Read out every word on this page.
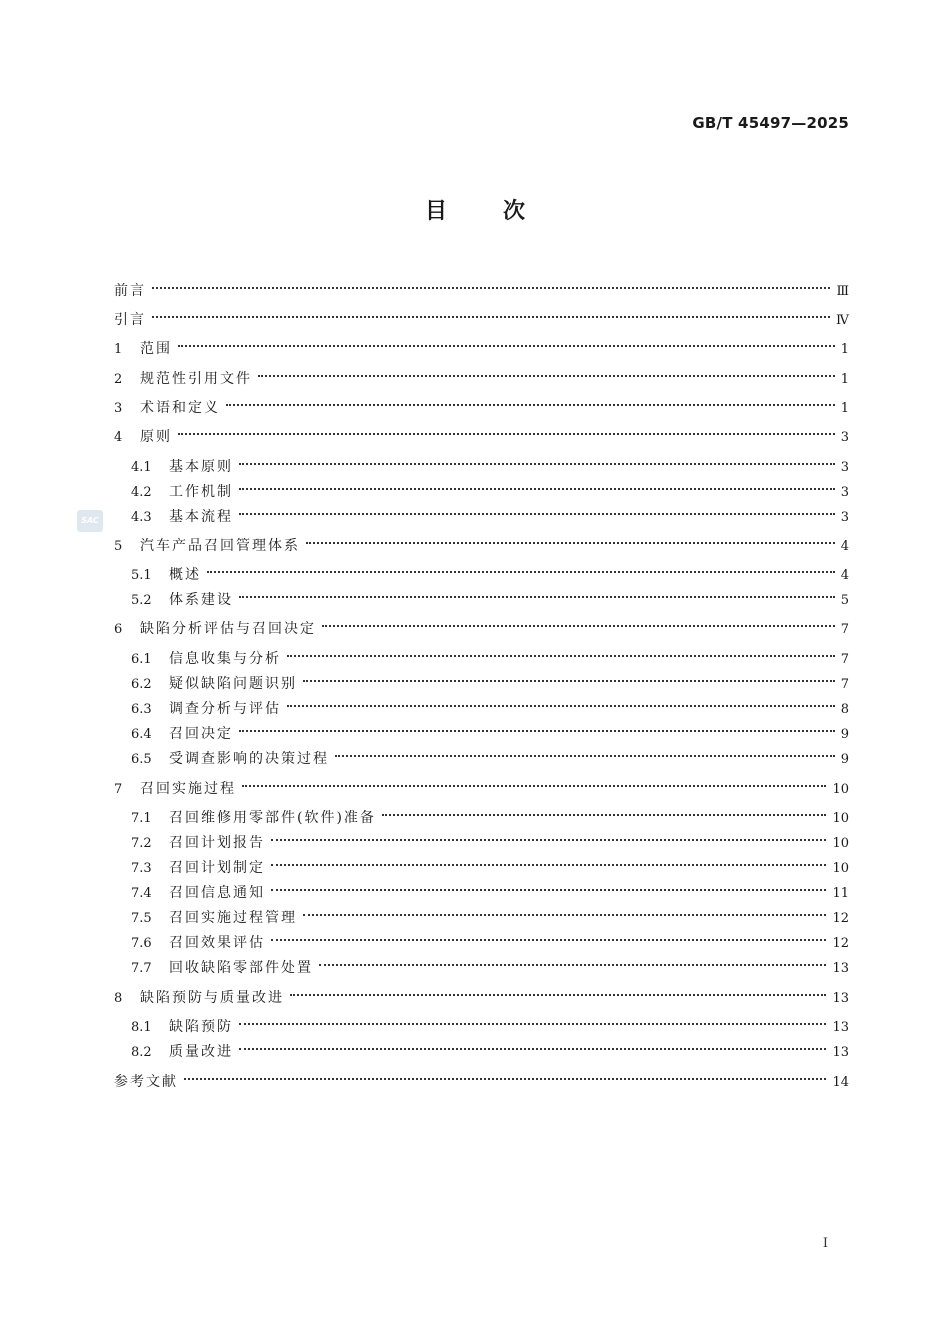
GB/T 45497—2025
目次
SAC
前言	Ⅲ
引言	Ⅳ
1	范围	1
2	规范性引用文件	1
3	术语和定义	1
4	原则	3
4.1	基本原则	3
4.2	工作机制	3
4.3	基本流程	3
5	汽车产品召回管理体系	4
5.1	概述	4
5.2	体系建设	5
6	缺陷分析评估与召回决定	7
6.1	信息收集与分析	7
6.2	疑似缺陷问题识别	7
6.3	调查分析与评估	8
6.4	召回决定	9
6.5	受调查影响的决策过程	9
7	召回实施过程	10
7.1	召回维修用零部件(软件)准备	10
7.2	召回计划报告	10
7.3	召回计划制定	10
7.4	召回信息通知	11
7.5	召回实施过程管理	12
7.6	召回效果评估	12
7.7	回收缺陷零部件处置	13
8	缺陷预防与质量改进	13
8.1	缺陷预防	13
8.2	质量改进	13
参考文献	14
Ⅰ
